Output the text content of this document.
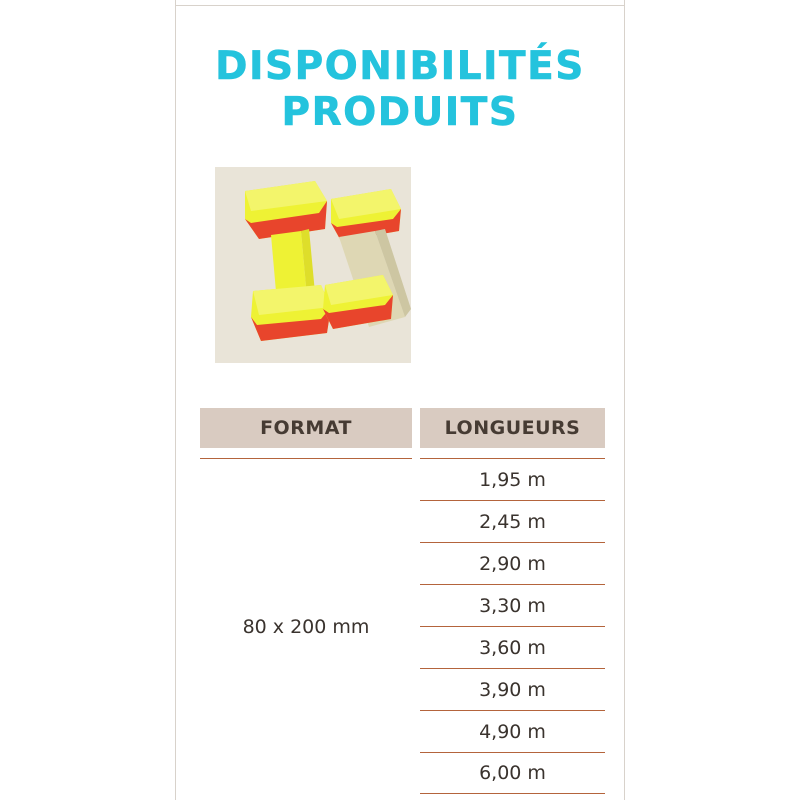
DISPONIBILITÉS
PRODUITS
FORMAT	LONGUEURS
80 x 200 mm
1,95 m
2,45 m
2,90 m
3,30 m
3,60 m
3,90 m
4,90 m
6,00 m
